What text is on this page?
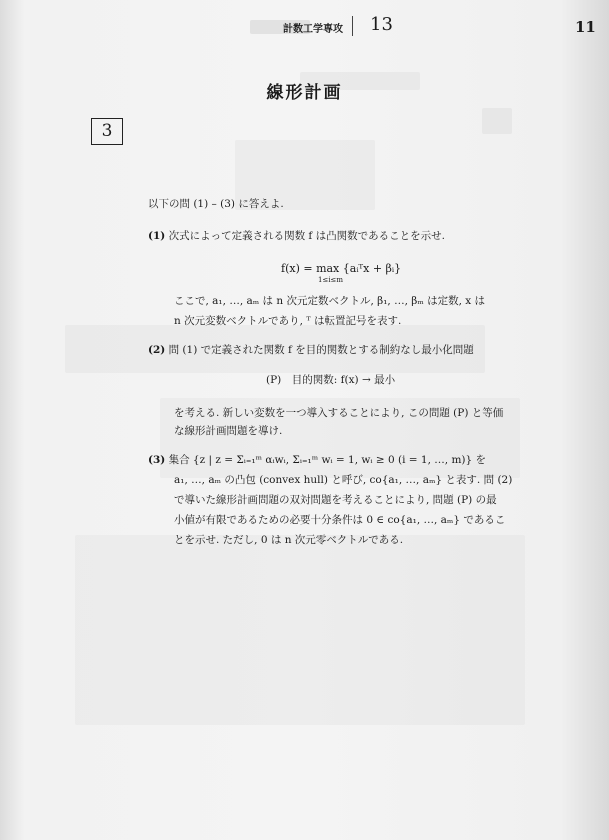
計数工学専攻 13	11
線形計画
3
以下の問 (1) – (3) に答えよ.
(1) 次式によって定義される関数 f は凸関数であることを示せ.
f(x) = max {aᵢᵀx + βᵢ}
1≤i≤m
ここで, a₁, …, aₘ は n 次元定数ベクトル, β₁, …, βₘ は定数, x は
n 次元変数ベクトルであり, ᵀ は転置記号を表す.
(2) 問 (1) で定義された関数 f を目的関数とする制約なし最小化問題
(P)　目的関数: f(x) → 最小
を考える. 新しい変数を一つ導入することにより, この問題 (P) と等価
な線形計画問題を導け.
(3) 集合 {z | z = Σᵢ₌₁ᵐ αᵢwᵢ, Σᵢ₌₁ᵐ wᵢ = 1, wᵢ ≥ 0 (i = 1, …, m)} を
a₁, …, aₘ の凸包 (convex hull) と呼び, co{a₁, …, aₘ} と表す. 問 (2)
で導いた線形計画問題の双対問題を考えることにより, 問題 (P) の最
小値が有限であるための必要十分条件は 0 ∈ co{a₁, …, aₘ} であるこ
とを示せ. ただし, 0 は n 次元零ベクトルである.
